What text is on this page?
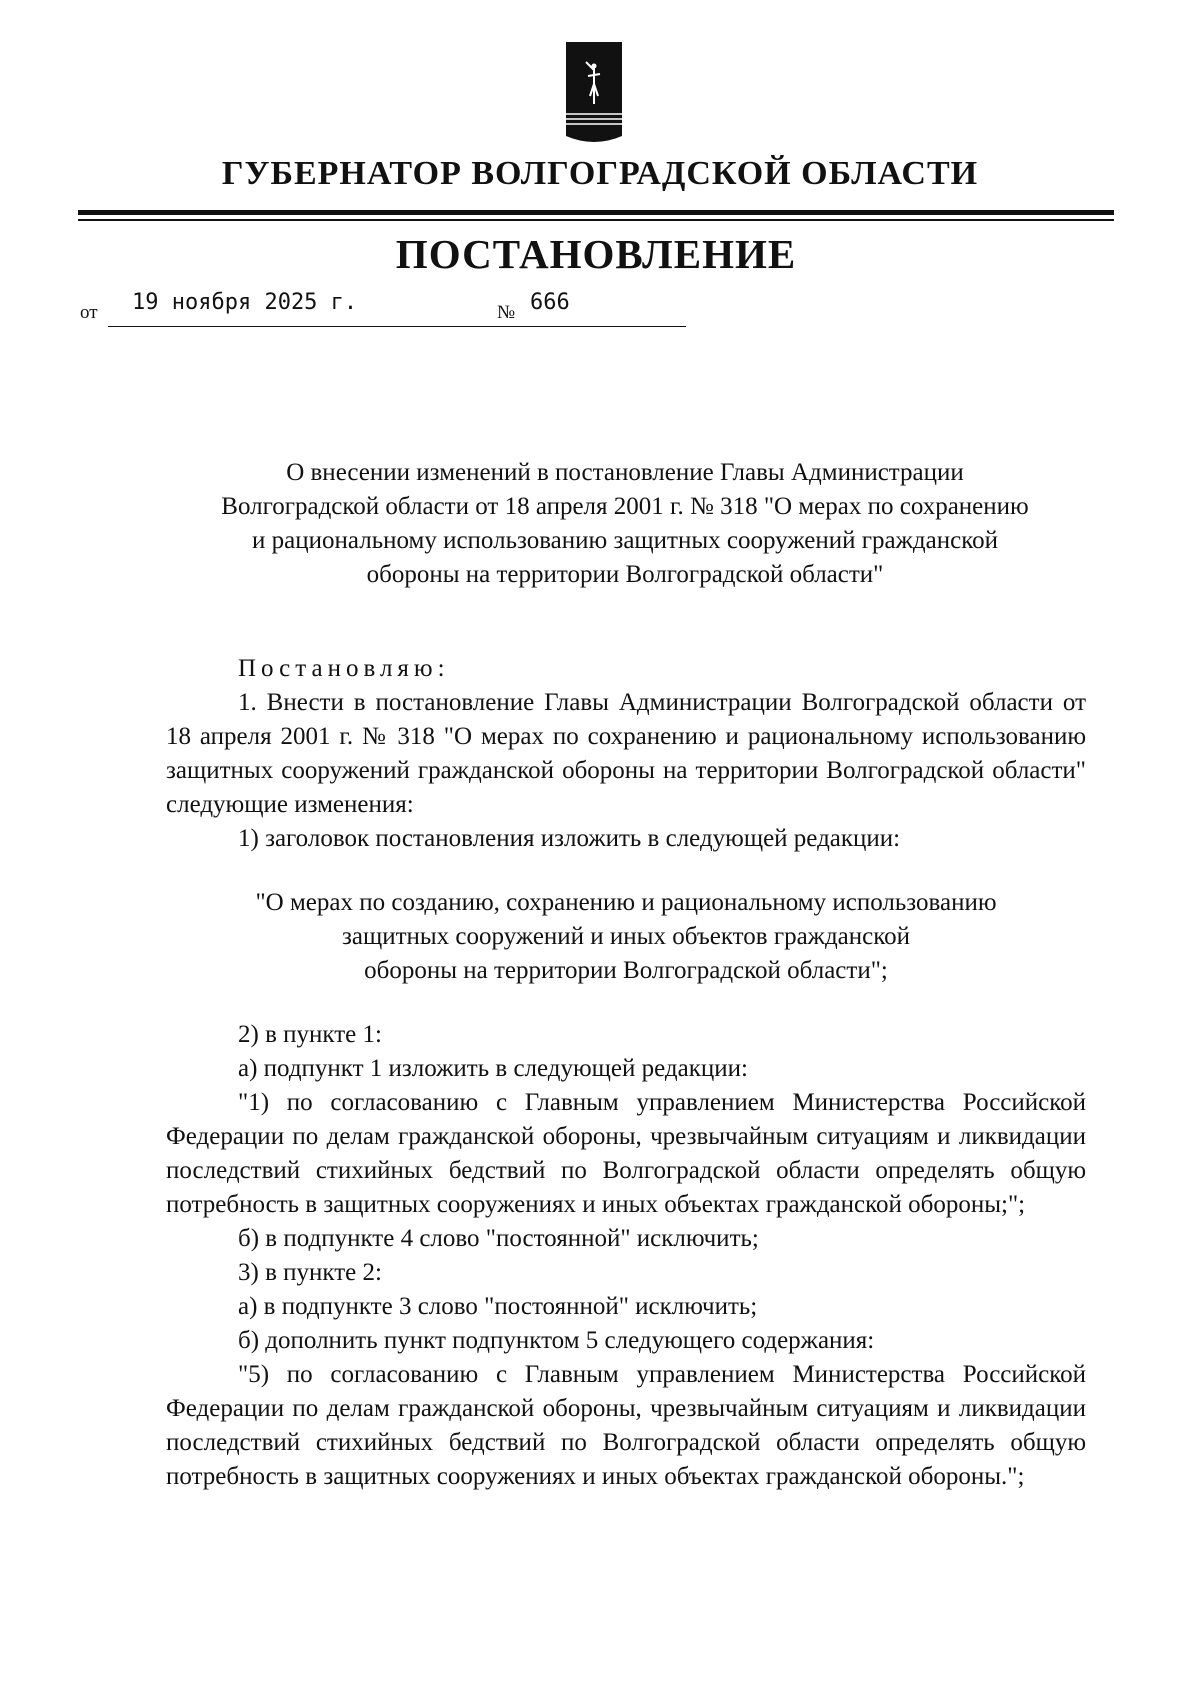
ГУБЕРНАТОР ВОЛГОГРАДСКОЙ ОБЛАСТИ
ПОСТАНОВЛЕНИЕ
от 19 ноября 2025 г.	№ 666
О внесении изменений в постановление Главы Администрации
Волгоградской области от 18 апреля 2001 г. № 318 "О мерах по сохранению
и рациональному использованию защитных сооружений гражданской
обороны на территории Волгоградской области"
Постановляю:

1. Внести в постановление Главы Администрации Волгоградской области от 18 апреля 2001 г. № 318 "О мерах по сохранению и рациональному использованию защитных сооружений гражданской обороны на территории Волгоградской области" следующие изменения:

1) заголовок постановления изложить в следующей редакции:
"О мерах по созданию, сохранению и рациональному использованию
защитных сооружений и иных объектов гражданской
обороны на территории Волгоградской области";
2) в пункте 1:
а) подпункт 1 изложить в следующей редакции:

"1) по согласованию с Главным управлением Министерства Российской Федерации по делам гражданской обороны, чрезвычайным ситуациям и ликвидации последствий стихийных бедствий по Волгоградской области определять общую потребность в защитных сооружениях и иных объектах гражданской обороны;";

б) в подпункте 4 слово "постоянной" исключить;
3) в пункте 2:
а) в подпункте 3 слово "постоянной" исключить;
б) дополнить пункт подпунктом 5 следующего содержания:

"5) по согласованию с Главным управлением Министерства Российской Федерации по делам гражданской обороны, чрезвычайным ситуациям и ликвидации последствий стихийных бедствий по Волгоградской области определять общую потребность в защитных сооружениях и иных объектах гражданской обороны.";
